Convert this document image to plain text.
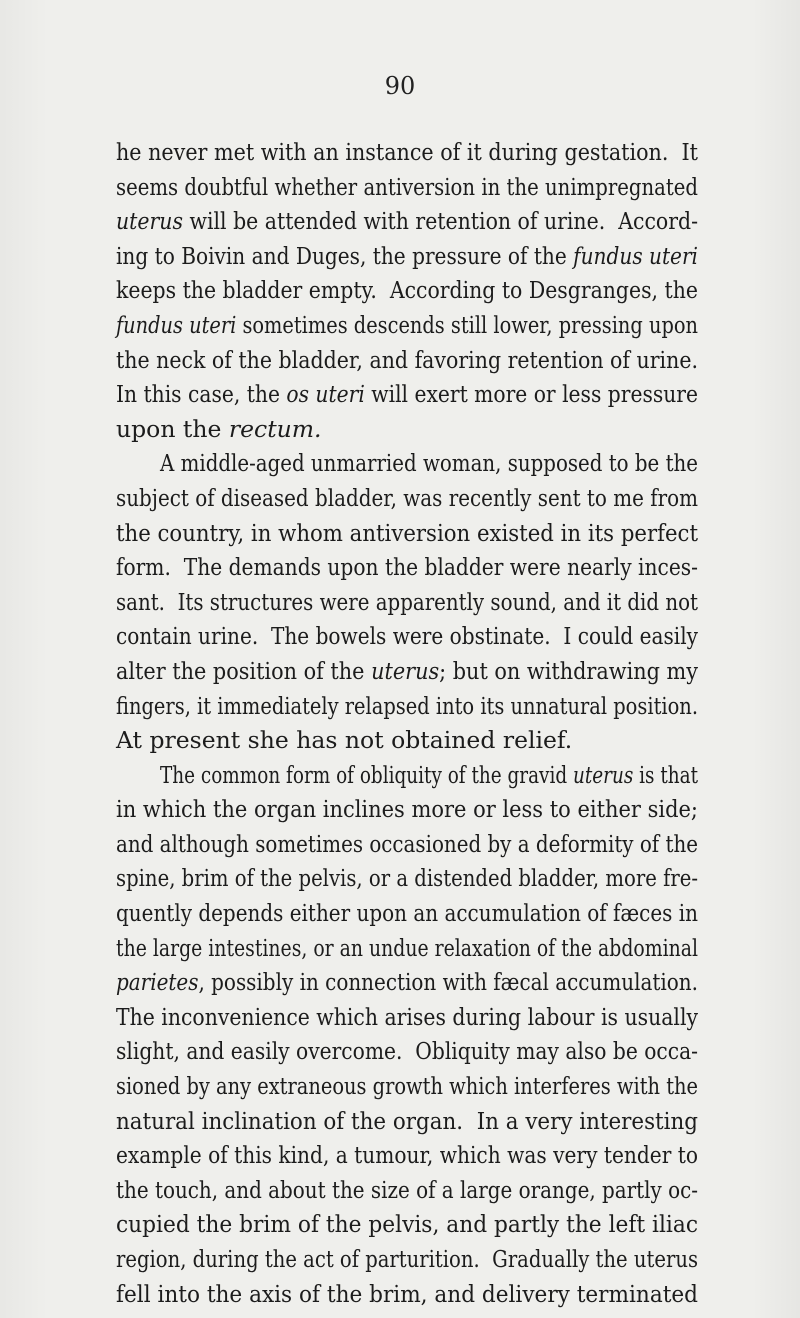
90
he never met with an instance of it during gestation.  It
seems doubtful whether antiversion in the unimpregnated
uterus will be attended with retention of urine.  Accord-
ing to Boivin and Duges, the pressure of the fundus uteri
keeps the bladder empty.  According to Desgranges, the
fundus uteri sometimes descends still lower, pressing upon
the neck of the bladder, and favoring retention of urine.
In this case, the os uteri will exert more or less pressure
upon the rectum.
A middle-aged unmarried woman, supposed to be the
subject of diseased bladder, was recently sent to me from
the country, in whom antiversion existed in its perfect
form.  The demands upon the bladder were nearly inces-
sant.  Its structures were apparently sound, and it did not
contain urine.  The bowels were obstinate.  I could easily
alter the position of the uterus; but on withdrawing my
fingers, it immediately relapsed into its unnatural position.
At present she has not obtained relief.
The common form of obliquity of the gravid uterus is that
in which the organ inclines more or less to either side;
and although sometimes occasioned by a deformity of the
spine, brim of the pelvis, or a distended bladder, more fre-
quently depends either upon an accumulation of fæces in
the large intestines, or an undue relaxation of the abdominal
parietes, possibly in connection with fæcal accumulation.
The inconvenience which arises during labour is usually
slight, and easily overcome.  Obliquity may also be occa-
sioned by any extraneous growth which interferes with the
natural inclination of the organ.  In a very interesting
example of this kind, a tumour, which was very tender to
the touch, and about the size of a large orange, partly oc-
cupied the brim of the pelvis, and partly the left iliac
region, during the act of parturition.  Gradually the uterus
fell into the axis of the brim, and delivery terminated
